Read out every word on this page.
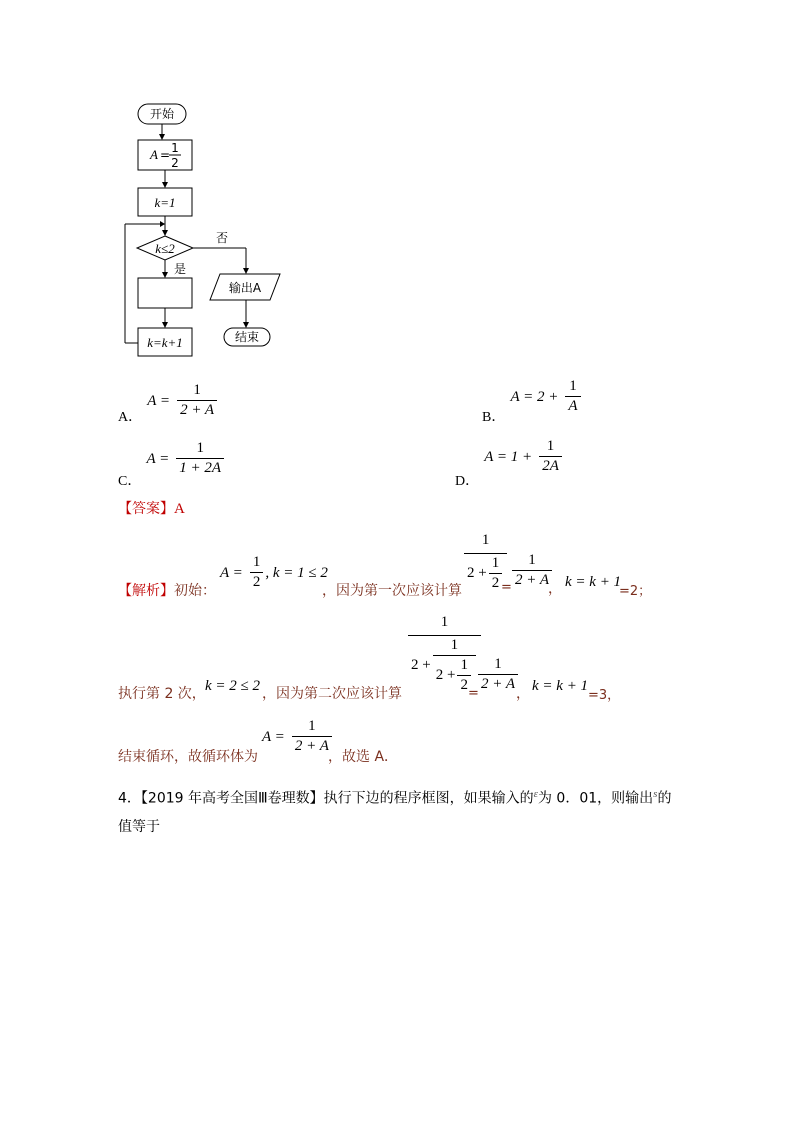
开始
A = 1
2
k=1
k≤2
否
是
k=k+1
输出A
结束
A． $A = \frac{1}{2 + A}$	B． $A = 2 + \frac{1}{A}$
C． $A = \frac{1}{1 + 2A}$
D． $A = 1 + \frac{1}{2A}$
【答案】A
【解析】初始：
$A = \frac{1}{2}$ , k = 1 ≤ 2
，因为第一次应该计算 $\frac{1}{2 + \frac{1}{2}}$
= $\frac{1}{2 + A}$
， k = k + 1
=2；
执行第 2 次， k = 2 ≤ 2 ，因为第二次应该计算
1
$2 + \frac{1}{2 + \frac{1}{2}}$
=
$\frac{1}{2 + A}$
， k = k + 1
=3，
结束循环，故循环体为
$A = \frac{1}{2 + A}$
，故选 A．
4．【2019 年高考全国Ⅲ卷理数】执行下边的程序框图，如果输入的$^\varepsilon$为 0．01，则输出$^s$的
值等于
